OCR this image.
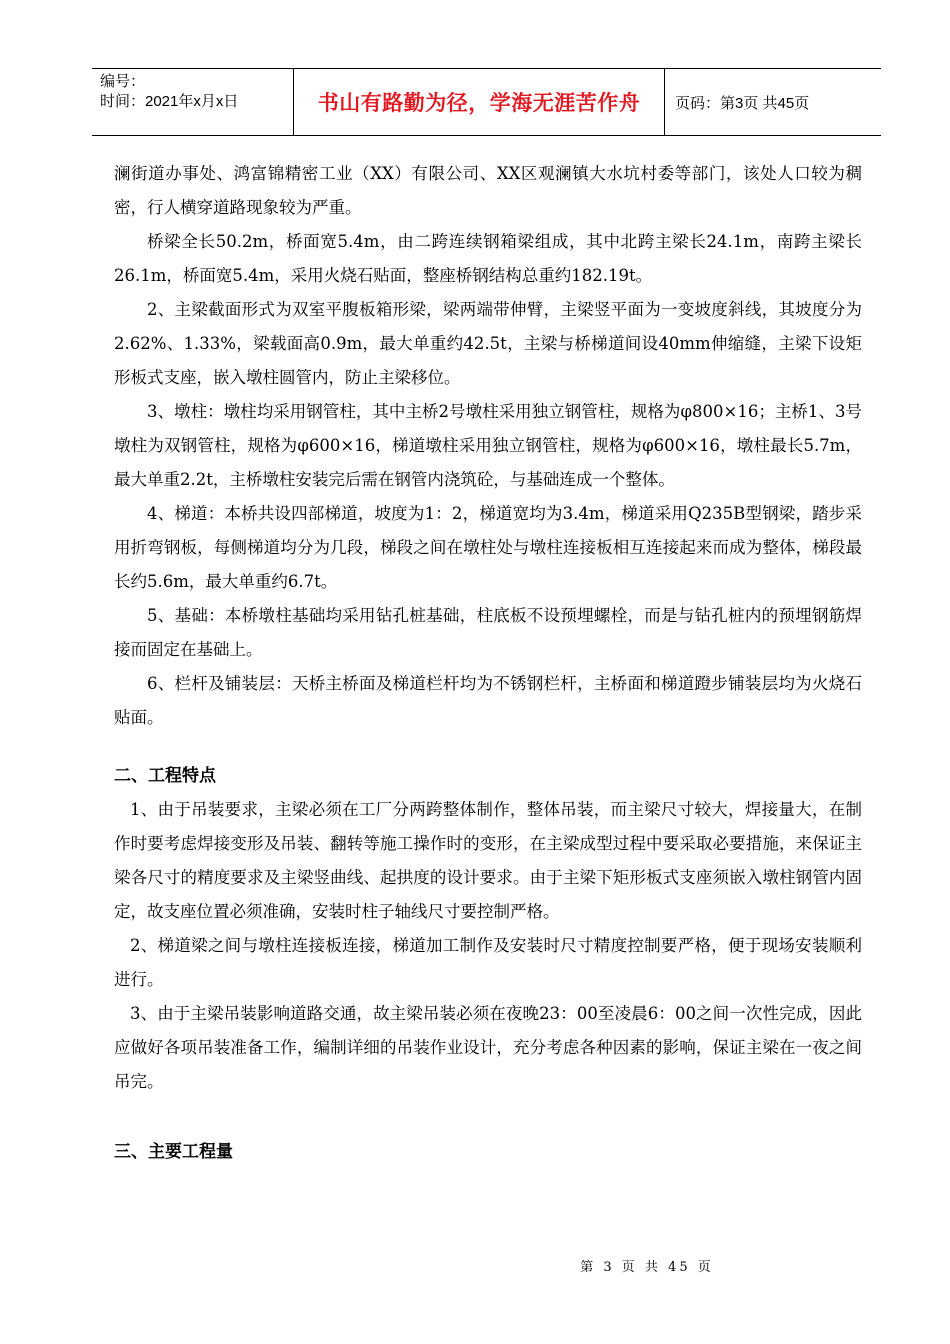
编号：
时间：2021年x月x日	书山有路勤为径，学海无涯苦作舟	页码：第3页 共45页

澜街道办事处、鸿富锦精密工业（XX）有限公司、XX区观澜镇大水坑村委等部门，该处人口较为稠密，行人横穿道路现象较为严重。

桥梁全长50.2m，桥面宽5.4m，由二跨连续钢箱梁组成，其中北跨主梁长24.1m，南跨主梁长26.1m，桥面宽5.4m，采用火烧石贴面，整座桥钢结构总重约182.19t。

2、主梁截面形式为双室平腹板箱形梁，梁两端带伸臂，主梁竖平面为一变坡度斜线，其坡度分为2.62%、1.33%，梁载面高0.9m，最大单重约42.5t，主梁与桥梯道间设40mm伸缩缝，主梁下设矩形板式支座，嵌入墩柱圆管内，防止主梁移位。

3、墩柱：墩柱均采用钢管柱，其中主桥2号墩柱采用独立钢管柱，规格为φ800×16；主桥1、3号墩柱为双钢管柱，规格为φ600×16，梯道墩柱采用独立钢管柱，规格为φ600×16，墩柱最长5.7m，最大单重2.2t，主桥墩柱安装完后需在钢管内浇筑砼，与基础连成一个整体。

4、梯道：本桥共设四部梯道，坡度为1：2，梯道宽均为3.4m，梯道采用Q235B型钢梁，踏步采用折弯钢板，每侧梯道均分为几段，梯段之间在墩柱处与墩柱连接板相互连接起来而成为整体，梯段最长约5.6m，最大单重约6.7t。

5、基础：本桥墩柱基础均采用钻孔桩基础，柱底板不设预埋螺栓，而是与钻孔桩内的预埋钢筋焊接而固定在基础上。

6、栏杆及铺装层：天桥主桥面及梯道栏杆均为不锈钢栏杆，主桥面和梯道蹬步铺装层均为火烧石贴面。

二、工程特点

1、由于吊装要求，主梁必须在工厂分两跨整体制作，整体吊装，而主梁尺寸较大，焊接量大，在制作时要考虑焊接变形及吊装、翻转等施工操作时的变形，在主梁成型过程中要采取必要措施，来保证主梁各尺寸的精度要求及主梁竖曲线、起拱度的设计要求。由于主梁下矩形板式支座须嵌入墩柱钢管内固定，故支座位置必须准确，安装时柱子轴线尺寸要控制严格。

2、梯道梁之间与墩柱连接板连接，梯道加工制作及安装时尺寸精度控制要严格，便于现场安装顺利进行。

3、由于主梁吊装影响道路交通，故主梁吊装必须在夜晚23：00至凌晨6：00之间一次性完成，因此应做好各项吊装准备工作，编制详细的吊装作业设计，充分考虑各种因素的影响，保证主梁在一夜之间吊完。

三、主要工程量

第 3 页 共 45 页
